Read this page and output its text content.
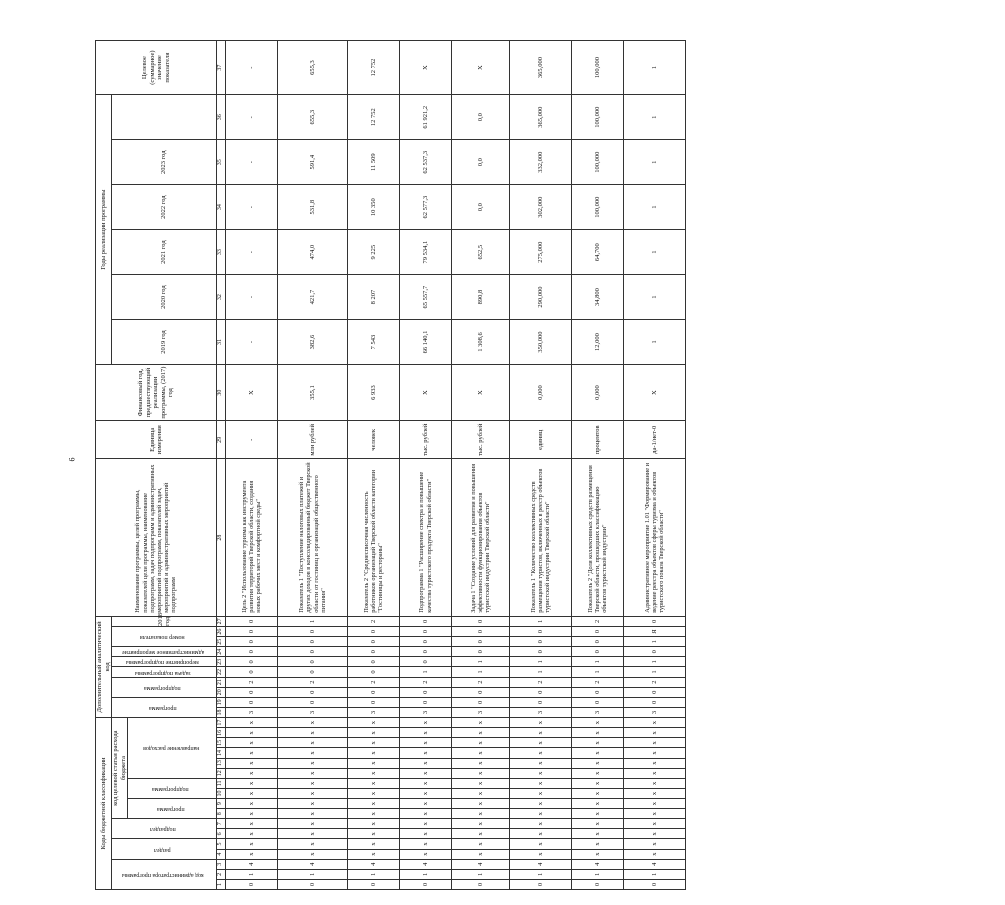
6
Коды бюджетной классификации																	Дополнительный аналитический код										Наименование программы, целей программы, показателей цели программы, наименование подпрограмм, задач подпрограмм и административных мероприятий подпрограмм, показателей задач, мероприятий и административных мероприятий подпрограмм	Единица измерения	Финансовый год, предшествующий реализации программы, (2017) год	Годы реализации программы						Целевое (суммарное) значение показателя
код администратора программы			раздел		подраздел		код целевой статьи расхода бюджета										программа		подпрограмма		задача подпрограммы	мероприятие подпрограммы	административное мероприятие	номер показателя		2018 год				2019 год	2020 год	2021 год	2022 год	2023 год		
							программа		подпрограмма		направление расходов																									
1	2	3	4	5	6	7	8	9	10	11	12	13	14	15	16	17	18	19	20	21	22	23	24	25	26	27	28	29	30	31	32	33	34	35	36	37
0	1	4	x	x	x	x	x	x	x	x	x	x	x	x	x	x	3	0	0	2	0	0	0	0	0	0	Цель 2 "Использование туризма как инструмента развития территорий Тверской области, создания новых рабочих мест и комфортной среды"	-	X	-	-	-	-	-	-	-
0	1	4	x	x	x	x	x	x	x	x	x	x	x	x	x	x	3	0	0	2	0	0	0	0	0	1	Показатель 1 "Поступление налоговых платежей и других доходов в консолидированный бюджет Тверской области от гостиниц и организаций общественного питания"	млн рублей	355,1	382,6	421,7	474,0	531,8	591,4	655,3	655,3
0	1	4	x	x	x	x	x	x	x	x	x	x	x	x	x	x	3	0	0	2	0	0	0	0	0	2	Показатель 2 "Среднесписочная численность работников организаций Тверской области категории "Гостиницы и рестораны"	человек	6 933	7 543	8 207	9 225	10 350	11 509	12 752	12 752
0	1	4	x	x	x	x	x	x	x	x	x	x	x	x	x	x	3	0	0	2	1	0	0	0	0	0	Подпрограмма 1 "Расширение спектра и повышение качества туристского продукта Тверской области"	тыс. рублей	X	66 140,1	65 557,7	79 534,1	62 577,3	62 537,3	61 921,2	X
0	1	4	x	x	x	x	x	x	x	x	x	x	x	x	x	x	3	0	0	2	1	1	0	0	0	0	Задача 1 "Создание условий для развития и повышения эффективности функционирования объектов туристской индустрии Тверской области"	тыс. рублей	X	1 308,6	890,8	652,5	0,0	0,0	0,0	X
0	1	4	x	x	x	x	x	x	x	x	x	x	x	x	x	x	3	0	0	2	1	1	0	0	0	1	Показатель 1 "Количество коллективных средств размещения туристов, включенных в реестр объектов туристской индустрии Тверской области"	единиц	0,000	350,000	290,000	275,000	302,000	332,000	365,000	365,000
0	1	4	x	x	x	x	x	x	x	x	x	x	x	x	x	x	3	0	0	2	1	1	0	0	0	2	Показатель 2 "Доля коллективных средств размещения Тверской области, прошедших классификацию объектов туристской индустрии"	процентов	0,000	12,000	34,800	64,700	100,000	100,000	100,000	100,000
0	1	4	x	x	x	x	x	x	x	x	x	x	x	x	x	x	3	0	0	2	1	1	0	1	Я	0	Административное мероприятие 1.01 "Формирование и ведение реестра объектов сферы туризма и объектов туристского показа Тверской области"	да-1/нет-0	X	1	1	1	1	1	1	1
